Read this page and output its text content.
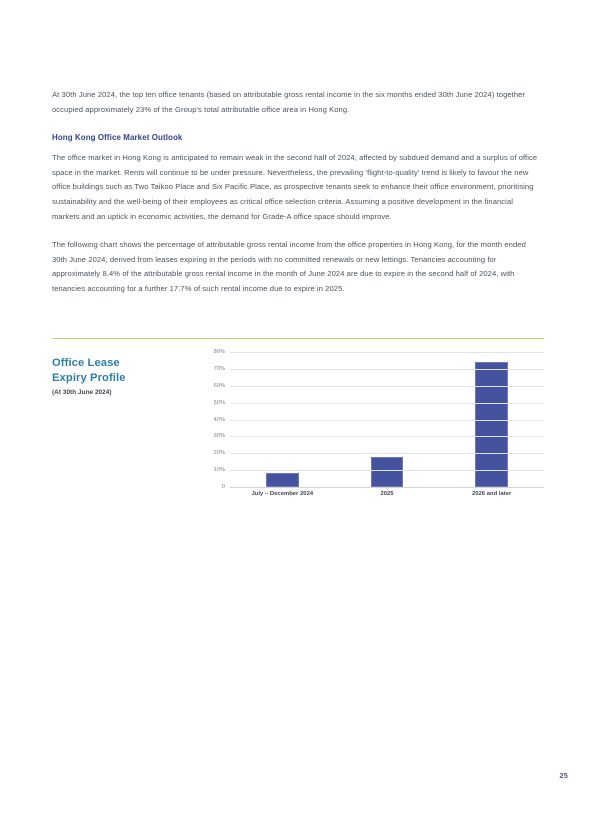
At 30th June 2024, the top ten office tenants (based on attributable gross rental income in the six months ended 30th June 2024) together occupied approximately 23% of the Group's total attributable office area in Hong Kong.

Hong Kong Office Market Outlook

The office market in Hong Kong is anticipated to remain weak in the second half of 2024, affected by subdued demand and a surplus of office space in the market. Rents will continue to be under pressure. Nevertheless, the prevailing ‘flight-to-quality’ trend is likely to favour the new office buildings such as Two Taikoo Place and Six Pacific Place, as prospective tenants seek to enhance their office environment, prioritising sustainability and the well-being of their employees as critical office selection criteria. Assuming a positive development in the financial markets and an uptick in economic activities, the demand for Grade-A office space should improve.

The following chart shows the percentage of attributable gross rental income from the office properties in Hong Kong, for the month ended 30th June 2024, derived from leases expiring in the periods with no committed renewals or new lettings. Tenancies accounting for approximately 8.4% of the attributable gross rental income in the month of June 2024 are due to expire in the second half of 2024, with tenancies accounting for a further 17.7% of such rental income due to expire in 2025.

Office Lease
Expiry Profile
(At 30th June 2024)
0
10%
20%
30%
40%
50%
60%
70%
80%
July – December 2024	2025	2026 and later
25
